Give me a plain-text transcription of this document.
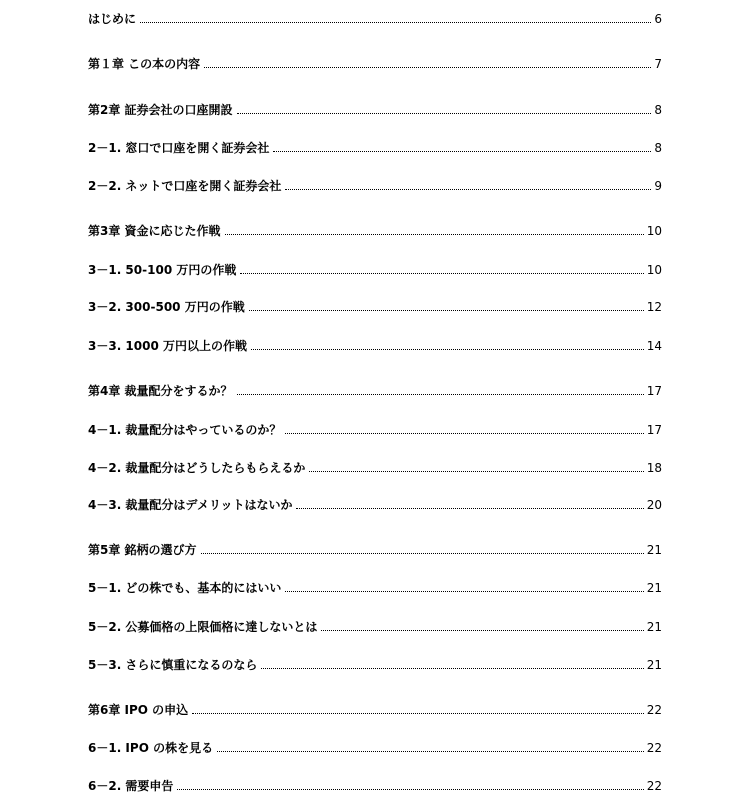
はじめに	6
第１章 この本の内容	7
第2章 証券会社の口座開設	8
2－1. 窓口で口座を開く証券会社	8
2－2. ネットで口座を開く証券会社	9
第3章 資金に応じた作戦	10
3－1. 50-100 万円の作戦	10
3－2. 300-500 万円の作戦	12
3－3. 1000 万円以上の作戦	14
第4章 裁量配分をするか？	17
4－1. 裁量配分はやっているのか？	17
4－2. 裁量配分はどうしたらもらえるか	18
4－3. 裁量配分はデメリットはないか	20
第5章 銘柄の選び方	21
5－1. どの株でも、基本的にはいい	21
5－2. 公募価格の上限価格に達しないとは	21
5－3. さらに慎重になるのなら	21
第6章 IPO の申込	22
6－1. IPO の株を見る	22
6－2. 需要申告	22
